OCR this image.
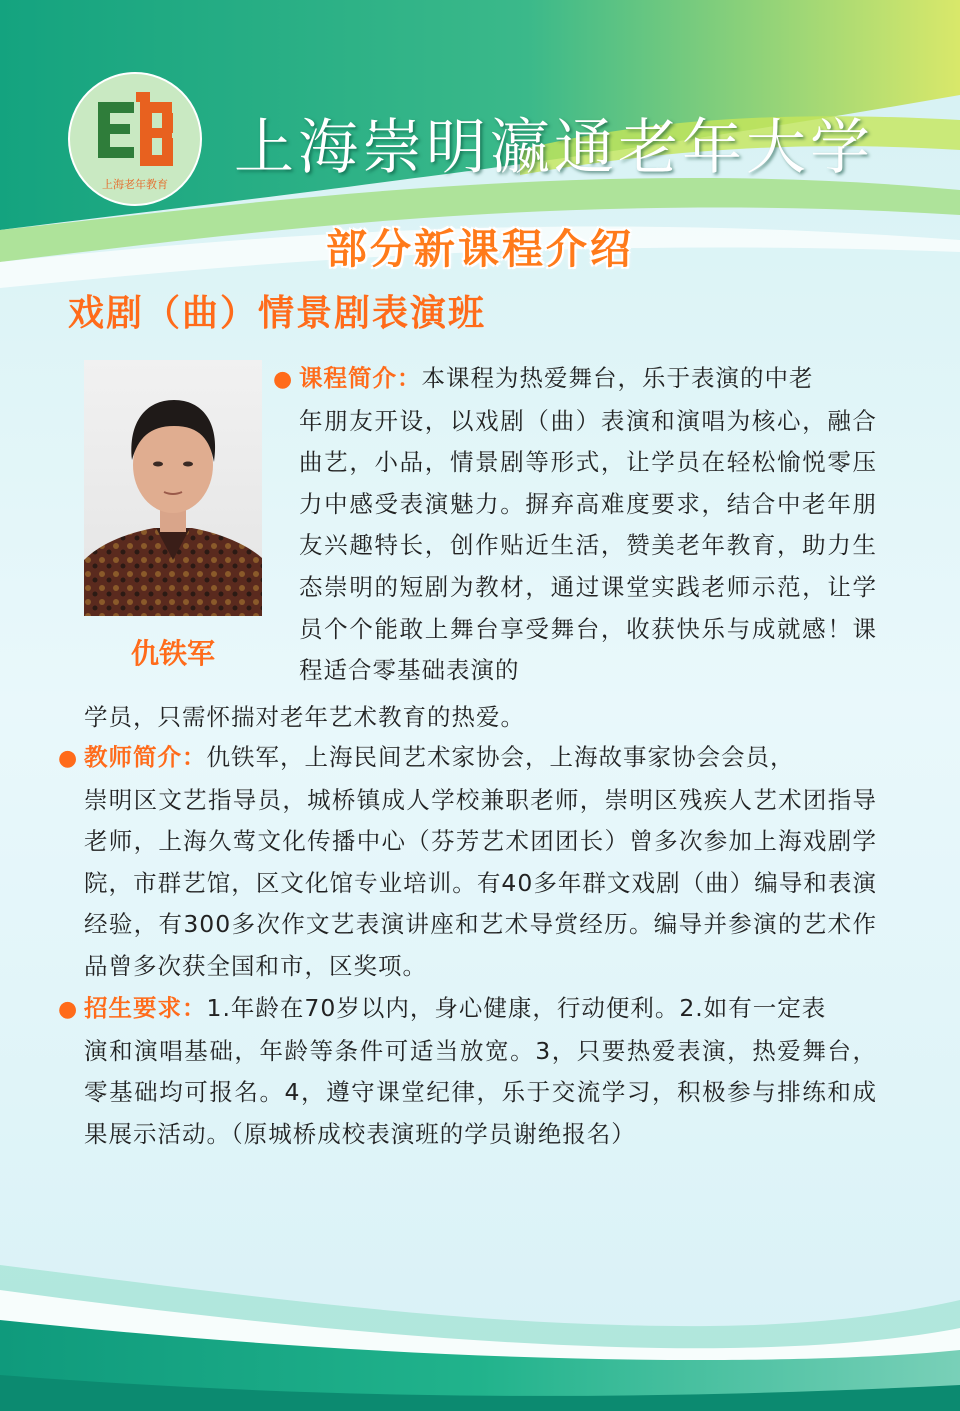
上海老年教育
上海崇明瀛通老年大学
部分新课程介绍
戏剧（曲）情景剧表演班
仇铁军
● 课程简介：本课程为热爱舞台，乐于表演的中老
年朋友开设，以戏剧（曲）表演和演唱为核心，融合曲艺，小品，情景剧等形式，让学员在轻松愉悦零压力中感受表演魅力。摒弃高难度要求，结合中老年朋友兴趣特长，创作贴近生活，赞美老年教育，助力生态崇明的短剧为教材，通过课堂实践老师示范，让学员个个能敢上舞台享受舞台，收获快乐与成就感！课程适合零基础表演的
学员，只需怀揣对老年艺术教育的热爱。
● 教师简介：仇铁军，上海民间艺术家协会，上海故事家协会会员，
崇明区文艺指导员，城桥镇成人学校兼职老师，崇明区残疾人艺术团指导老师，上海久莺文化传播中心（芬芳艺术团团长）曾多次参加上海戏剧学院，市群艺馆，区文化馆专业培训。有40多年群文戏剧（曲）编导和表演经验，有300多次作文艺表演讲座和艺术导赏经历。编导并参演的艺术作品曾多次获全国和市，区奖项。
● 招生要求：1.年龄在70岁以内，身心健康，行动便利。2.如有一定表
演和演唱基础，年龄等条件可适当放宽。3，只要热爱表演，热爱舞台，零基础均可报名。4，遵守课堂纪律，乐于交流学习，积极参与排练和成果展示活动。（原城桥成校表演班的学员谢绝报名）
